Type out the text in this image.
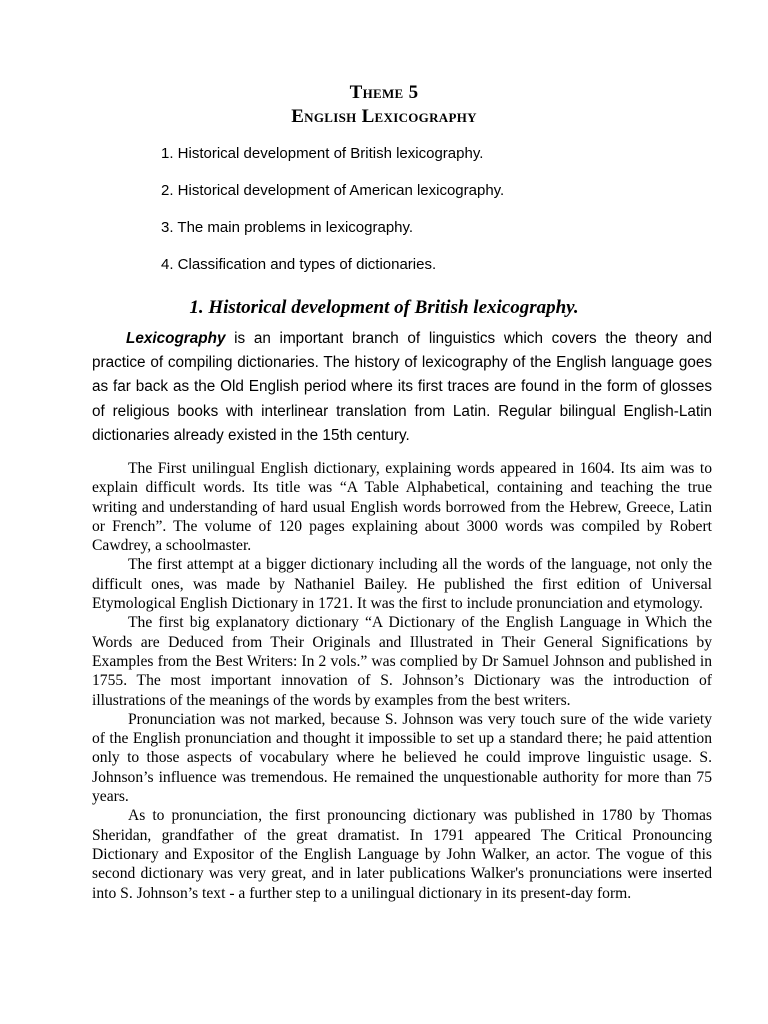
Theme 5
English Lexicography
1. Historical development of British lexicography.
2. Historical development of American lexicography.
3. The main problems in lexicography.
4. Classification and types of dictionaries.
1. Historical development of British lexicography.

Lexicography is an important branch of linguistics which covers the theory and practice of compiling dictionaries. The history of lexicography of the English language goes as far back as the Old English period where its first traces are found in the form of glosses of religious books with interlinear translation from Latin. Regular bilingual English-Latin dictionaries already existed in the 15th century.

The First unilingual English dictionary, explaining words appeared in 1604. Its aim was to explain difficult words. Its title was “A Table Alphabetical, containing and teaching the true writing and understanding of hard usual English words borrowed from the Hebrew, Greece, Latin or French”. The volume of 120 pages explaining about 3000 words was compiled by Robert Cawdrey, a schoolmaster.

The first attempt at a bigger dictionary including all the words of the language, not only the difficult ones, was made by Nathaniel Bailey. He published the first edition of Universal Etymological English Dictionary in 1721. It was the first to include pronunciation and etymology.

The first big explanatory dictionary “A Dictionary of the English Language in Which the Words are Deduced from Their Originals and Illustrated in Their General Significations by Examples from the Best Writers: In 2 vols.” was complied by Dr Samuel Johnson and published in 1755. The most important innovation of S. Johnson’s Dictionary was the introduction of illustrations of the meanings of the words by examples from the best writers.

Pronunciation was not marked, because S. Johnson was very touch sure of the wide variety of the English pronunciation and thought it impossible to set up a standard there; he paid attention only to those aspects of vocabulary where he believed he could improve linguistic usage. S. Johnson’s influence was tremendous. He remained the unquestionable authority for more than 75 years.

As to pronunciation, the first pronouncing dictionary was published in 1780 by Thomas Sheridan, grandfather of the great dramatist. In 1791 appeared The Critical Pronouncing Dictionary and Expositor of the English Language by John Walker, an actor. The vogue of this second dictionary was very great, and in later publications Walker's pronunciations were inserted into S. Johnson’s text - a further step to a unilingual dictionary in its present-day form.
